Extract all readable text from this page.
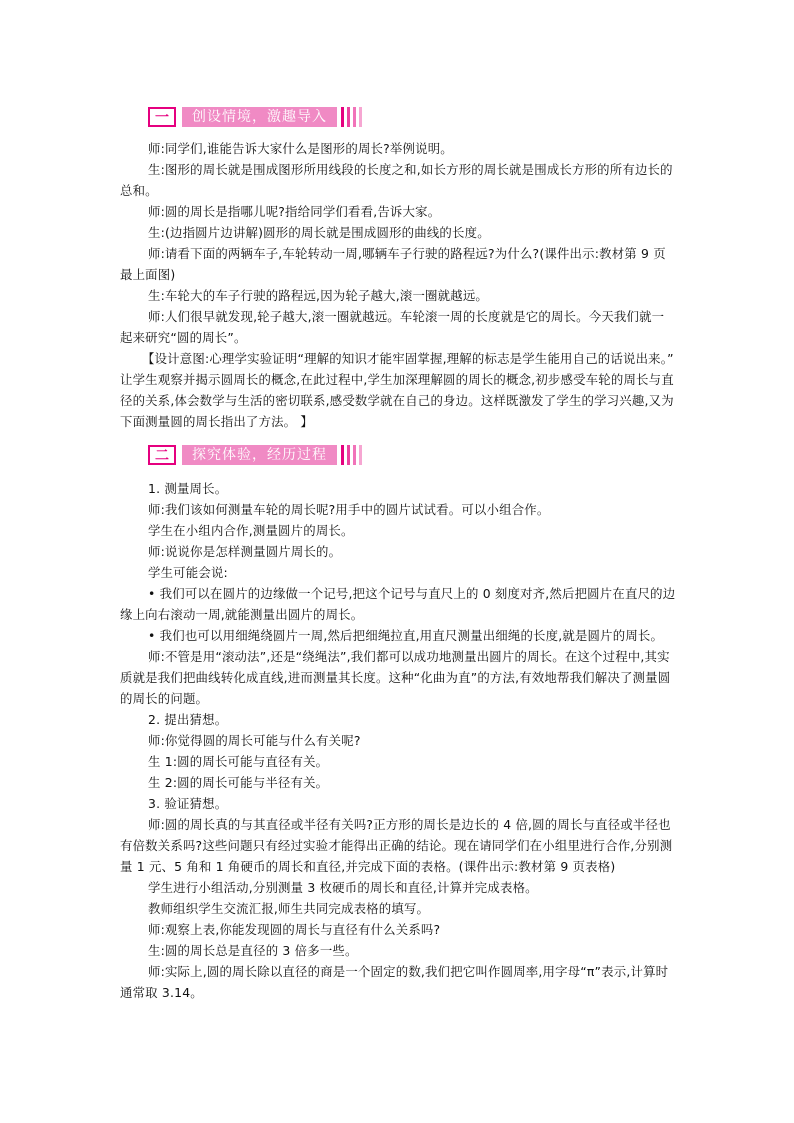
一	创设情境，激趣导入

师:同学们,谁能告诉大家什么是图形的周长?举例说明。

生:图形的周长就是围成图形所用线段的长度之和,如长方形的周长就是围成长方形的所有边长的总和。

师:圆的周长是指哪儿呢?指给同学们看看,告诉大家。

生:(边指圆片边讲解)圆形的周长就是围成圆形的曲线的长度。

师:请看下面的两辆车子,车轮转动一周,哪辆车子行驶的路程远?为什么?(课件出示:教材第 9 页最上面图)

生:车轮大的车子行驶的路程远,因为轮子越大,滚一圈就越远。

师:人们很早就发现,轮子越大,滚一圈就越远。车轮滚一周的长度就是它的周长。今天我们就一起来研究“圆的周长”。

【设计意图:心理学实验证明“理解的知识才能牢固掌握,理解的标志是学生能用自己的话说出来。” 让学生观察并揭示圆周长的概念,在此过程中,学生加深理解圆的周长的概念,初步感受车轮的周长与直径的关系,体会数学与生活的密切联系,感受数学就在自己的身边。这样既激发了学生的学习兴趣,又为下面测量圆的周长指出了方法。 】

二	探究体验，经历过程

1. 测量周长。

师:我们该如何测量车轮的周长呢?用手中的圆片试试看。可以小组合作。

学生在小组内合作,测量圆片的周长。

师:说说你是怎样测量圆片周长的。

学生可能会说:

• 我们可以在圆片的边缘做一个记号,把这个记号与直尺上的 0 刻度对齐,然后把圆片在直尺的边缘上向右滚动一周,就能测量出圆片的周长。

• 我们也可以用细绳绕圆片一周,然后把细绳拉直,用直尺测量出细绳的长度,就是圆片的周长。

师:不管是用“滚动法”,还是“绕绳法”,我们都可以成功地测量出圆片的周长。在这个过程中,其实质就是我们把曲线转化成直线,进而测量其长度。这种“化曲为直”的方法,有效地帮我们解决了测量圆的周长的问题。

2. 提出猜想。

师:你觉得圆的周长可能与什么有关呢?

生 1:圆的周长可能与直径有关。

生 2:圆的周长可能与半径有关。

3. 验证猜想。

师:圆的周长真的与其直径或半径有关吗?正方形的周长是边长的 4 倍,圆的周长与直径或半径也有倍数关系吗?这些问题只有经过实验才能得出正确的结论。现在请同学们在小组里进行合作,分别测量 1 元、5 角和 1 角硬币的周长和直径,并完成下面的表格。(课件出示:教材第 9 页表格)

学生进行小组活动,分别测量 3 枚硬币的周长和直径,计算并完成表格。

教师组织学生交流汇报,师生共同完成表格的填写。

师:观察上表,你能发现圆的周长与直径有什么关系吗?

生:圆的周长总是直径的 3 倍多一些。

师:实际上,圆的周长除以直径的商是一个固定的数,我们把它叫作圆周率,用字母“π”表示,计算时通常取 3.14。
